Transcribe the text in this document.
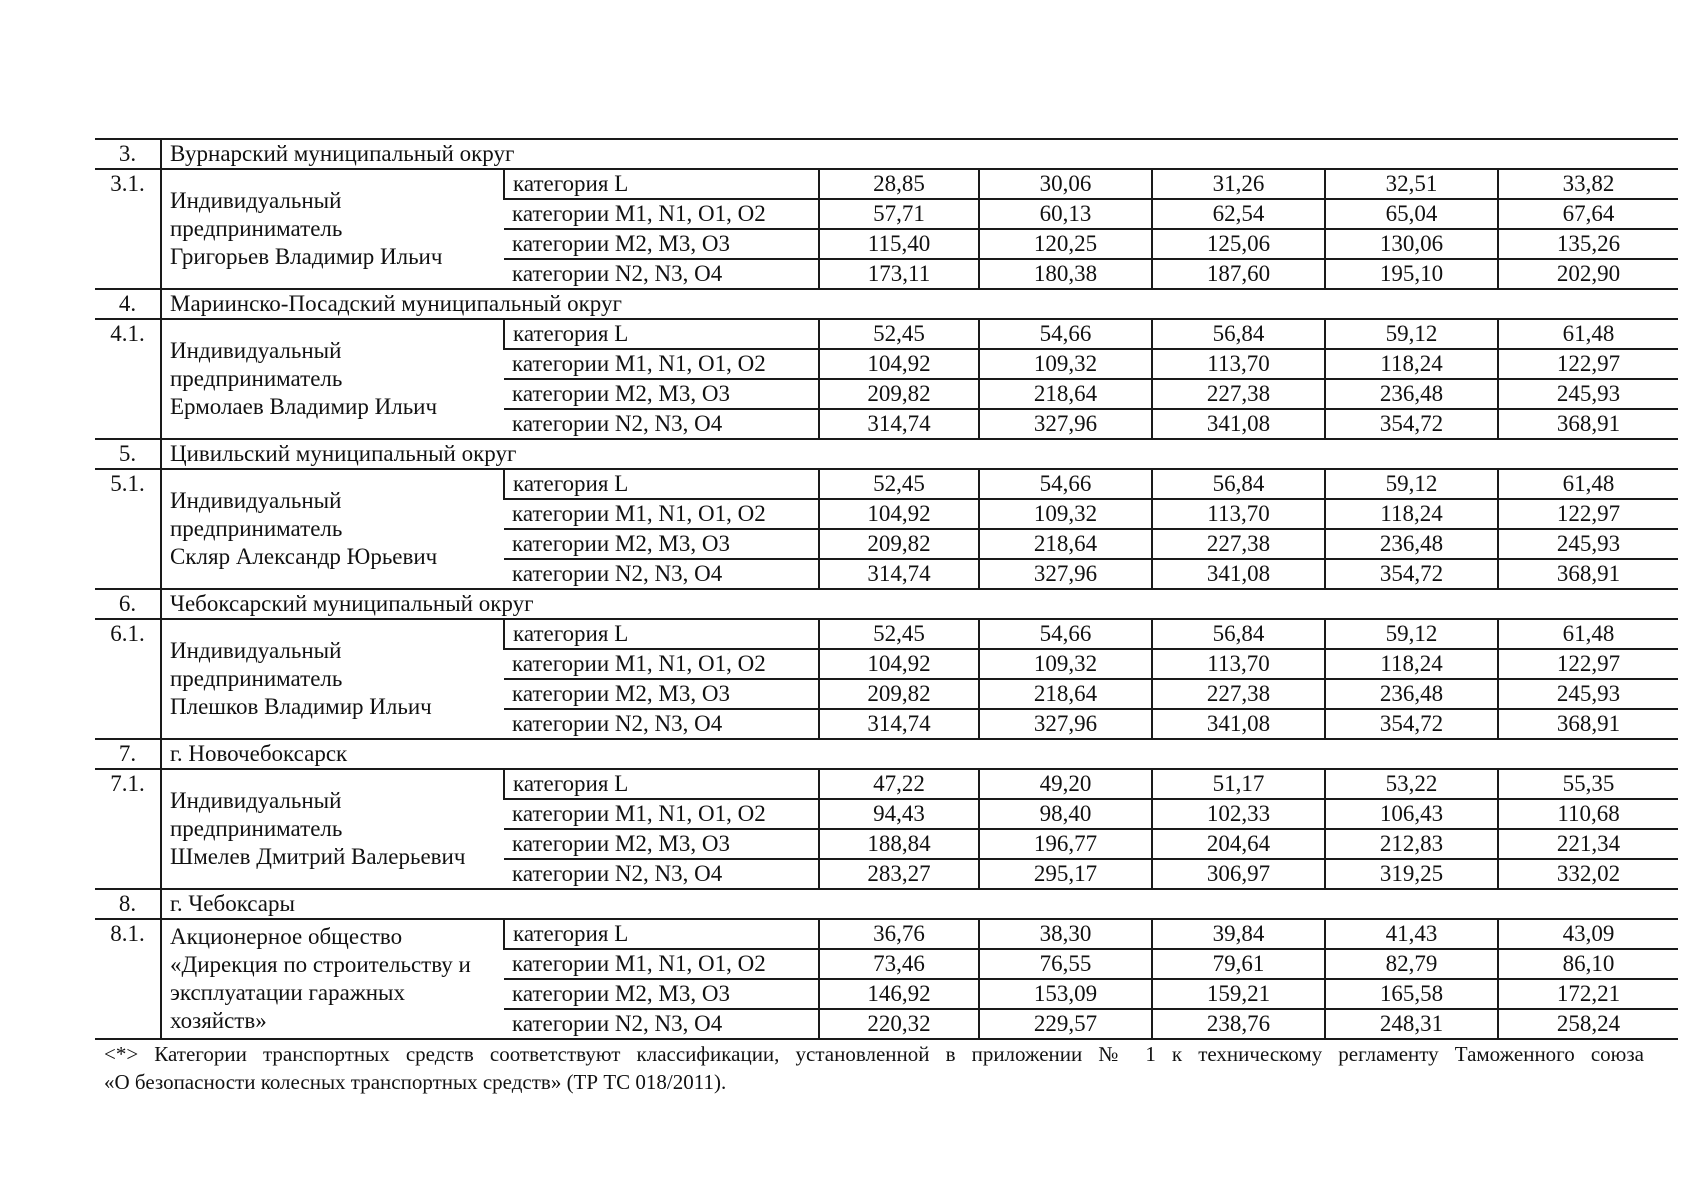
3.	Вурнарский муниципальный округ						
3.1.	Индивидуальный
предприниматель
Григорьев Владимир Ильич	категория L	28,85	30,06	31,26	32,51	33,82
		категории M1, N1, O1, O2	57,71	60,13	62,54	65,04	67,64
		категории M2, M3, O3	115,40	120,25	125,06	130,06	135,26
		категории N2, N3, O4	173,11	180,38	187,60	195,10	202,90
4.	Мариинско-Посадский муниципальный округ						
4.1.	Индивидуальный
предприниматель
Ермолаев Владимир Ильич	категория L	52,45	54,66	56,84	59,12	61,48
		категории M1, N1, O1, O2	104,92	109,32	113,70	118,24	122,97
		категории M2, M3, O3	209,82	218,64	227,38	236,48	245,93
		категории N2, N3, O4	314,74	327,96	341,08	354,72	368,91
5.	Цивильский муниципальный округ						
5.1.	Индивидуальный
предприниматель
Скляр Александр Юрьевич	категория L	52,45	54,66	56,84	59,12	61,48
		категории M1, N1, O1, O2	104,92	109,32	113,70	118,24	122,97
		категории M2, M3, O3	209,82	218,64	227,38	236,48	245,93
		категории N2, N3, O4	314,74	327,96	341,08	354,72	368,91
6.	Чебоксарский муниципальный округ						
6.1.	Индивидуальный
предприниматель
Плешков Владимир Ильич	категория L	52,45	54,66	56,84	59,12	61,48
		категории M1, N1, O1, O2	104,92	109,32	113,70	118,24	122,97
		категории M2, M3, O3	209,82	218,64	227,38	236,48	245,93
		категории N2, N3, O4	314,74	327,96	341,08	354,72	368,91
7.	г. Новочебоксарск						
7.1.	Индивидуальный
предприниматель
Шмелев Дмитрий Валерьевич	категория L	47,22	49,20	51,17	53,22	55,35
		категории M1, N1, O1, O2	94,43	98,40	102,33	106,43	110,68
		категории M2, M3, O3	188,84	196,77	204,64	212,83	221,34
		категории N2, N3, O4	283,27	295,17	306,97	319,25	332,02
8.	г. Чебоксары						
8.1.	Акционерное общество
«Дирекция по строительству и
эксплуатации гаражных
хозяйств»	категория L	36,76	38,30	39,84	41,43	43,09
		категории M1, N1, O1, O2	73,46	76,55	79,61	82,79	86,10
		категории M2, M3, O3	146,92	153,09	159,21	165,58	172,21
		категории N2, N3, O4	220,32	229,57	238,76	248,31	258,24
<*> Категории транспортных средств соответствуют классификации, установленной в приложении № 1 к техническому регламенту Таможенного союза
«О безопасности колесных транспортных средств» (ТР ТС 018/2011).
